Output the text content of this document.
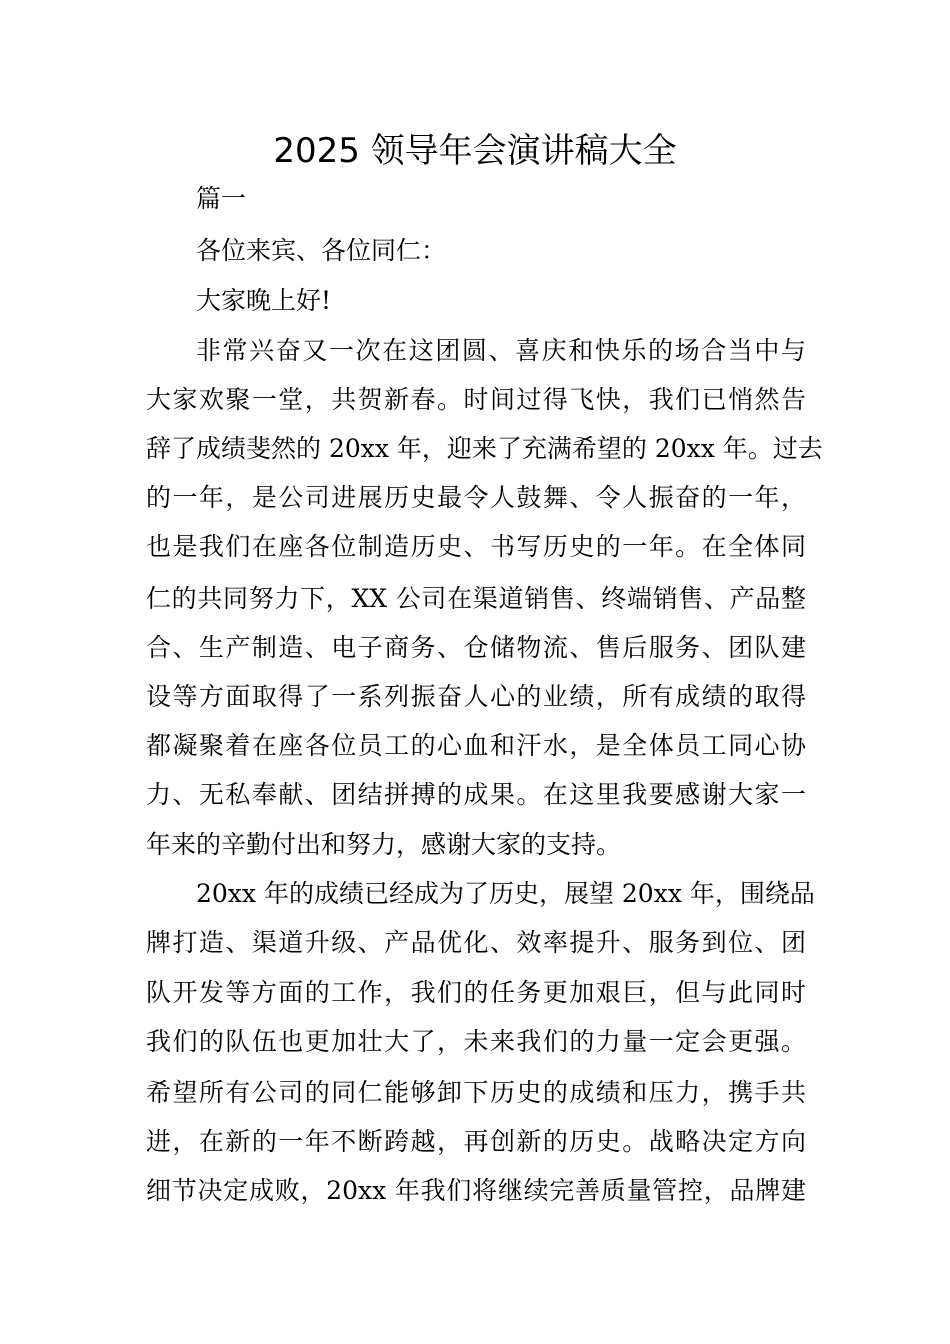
2025 领导年会演讲稿大全
篇一
各位来宾、各位同仁：
大家晚上好!
非常兴奋又一次在这团圆、喜庆和快乐的场合当中与
大家欢聚一堂，共贺新春。时间过得飞快，我们已悄然告
辞了成绩斐然的 20xx 年，迎来了充满希望的 20xx 年。过去
的一年，是公司进展历史最令人鼓舞、令人振奋的一年，
也是我们在座各位制造历史、书写历史的一年。在全体同
仁的共同努力下，XX 公司在渠道销售、终端销售、产品整
合、生产制造、电子商务、仓储物流、售后服务、团队建
设等方面取得了一系列振奋人心的业绩，所有成绩的取得
都凝聚着在座各位员工的心血和汗水，是全体员工同心协
力、无私奉献、团结拼搏的成果。在这里我要感谢大家一
年来的辛勤付出和努力，感谢大家的支持。
20xx 年的成绩已经成为了历史，展望 20xx 年，围绕品
牌打造、渠道升级、产品优化、效率提升、服务到位、团
队开发等方面的工作，我们的任务更加艰巨，但与此同时
我们的队伍也更加壮大了，未来我们的力量一定会更强。
希望所有公司的同仁能够卸下历史的成绩和压力，携手共
进，在新的一年不断跨越，再创新的历史。战略决定方向
细节决定成败，20xx 年我们将继续完善质量管控，品牌建
